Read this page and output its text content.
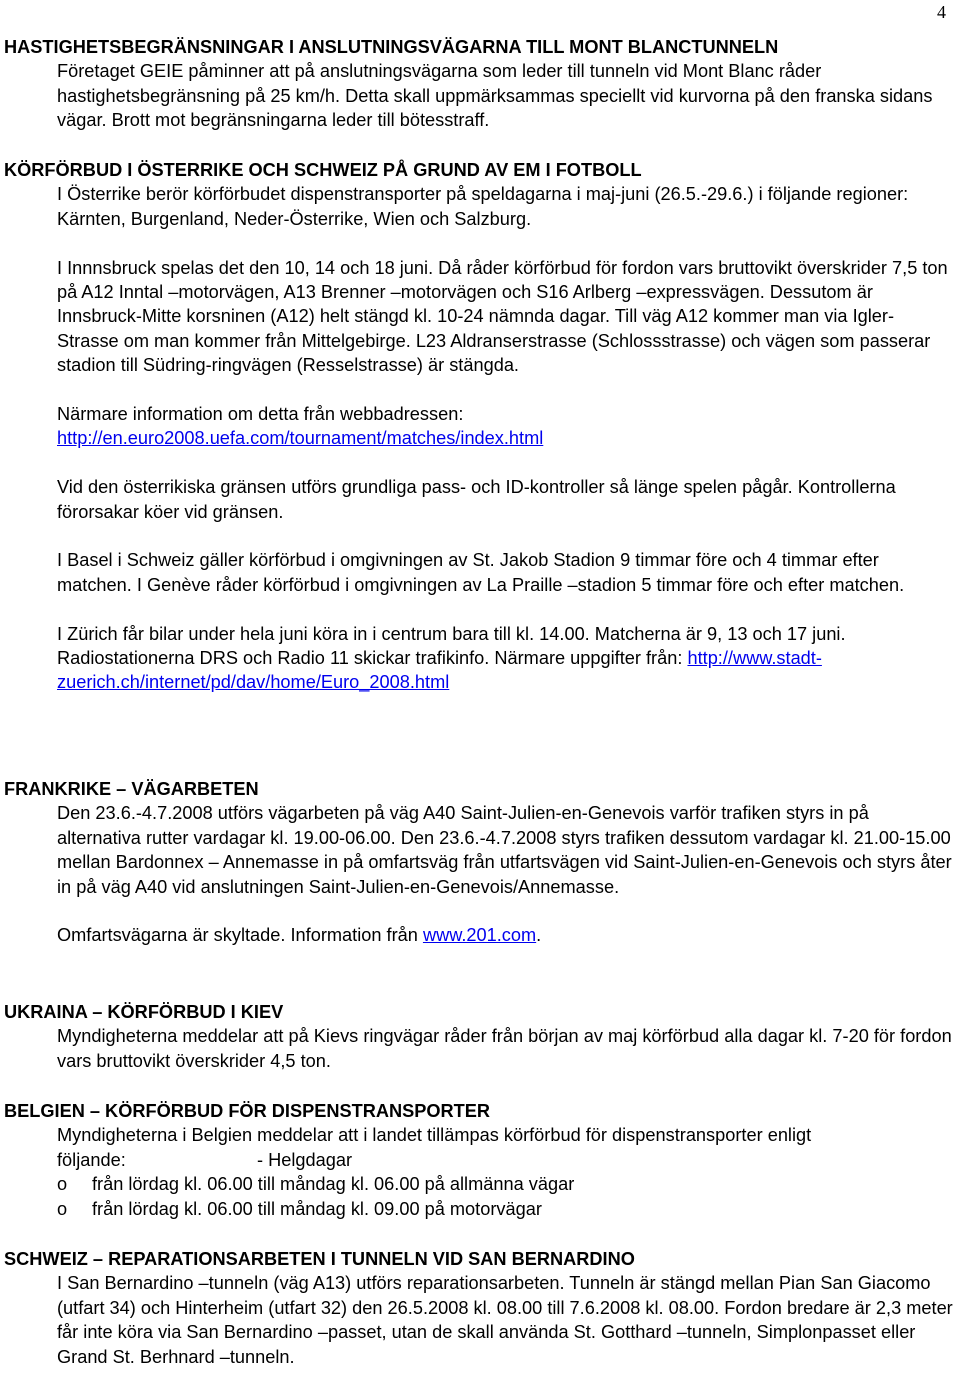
4
HASTIGHETSBEGRÄNSNINGAR I ANSLUTNINGSVÄGARNA TILL MONT BLANCTUNNELN

Företaget GEIE påminner att på anslutningsvägarna som leder till tunneln vid Mont Blanc råder hastighetsbegränsning på 25 km/h. Detta skall uppmärksammas speciellt vid kurvorna på den franska sidans vägar. Brott mot begränsningarna leder till bötesstraff.

KÖRFÖRBUD I ÖSTERRIKE OCH SCHWEIZ PÅ GRUND AV EM I FOTBOLL

I Österrike berör körförbudet dispenstransporter på speldagarna i maj-juni (26.5.-29.6.) i följande regioner: Kärnten, Burgenland, Neder-Österrike, Wien och Salzburg.

I Innnsbruck spelas det den 10, 14 och 18 juni. Då råder körförbud för fordon vars bruttovikt överskrider 7,5 ton på A12 Inntal –motorvägen, A13 Brenner –motorvägen och S16 Arlberg –expressvägen. Dessutom är Innsbruck-Mitte korsninen (A12) helt stängd kl. 10-24 nämnda dagar. Till väg A12 kommer man via Igler-Strasse om man kommer från Mittelgebirge. L23 Aldranserstrasse (Schlossstrasse) och vägen som passerar stadion till Südring-ringvägen (Resselstrasse) är stängda.

Närmare information om detta från webbadressen:
http://en.euro2008.uefa.com/tournament/matches/index.html

Vid den österrikiska gränsen utförs grundliga pass- och ID-kontroller så länge spelen pågår. Kontrollerna förorsakar köer vid gränsen.

I Basel i Schweiz gäller körförbud i omgivningen av St. Jakob Stadion 9 timmar före och 4 timmar efter matchen. I Genève råder körförbud i omgivningen av La Praille –stadion 5 timmar före och efter matchen.

I Zürich får bilar under hela juni köra in i centrum bara till kl. 14.00. Matcherna är 9, 13 och 17 juni. Radiostationerna DRS och Radio 11 skickar trafikinfo. Närmare uppgifter från: http://www.stadt-zuerich.ch/internet/pd/dav/home/Euro_2008.html

FRANKRIKE – VÄGARBETEN

Den 23.6.-4.7.2008 utförs vägarbeten på väg A40 Saint-Julien-en-Genevois varför trafiken styrs in på alternativa rutter vardagar kl. 19.00-06.00. Den 23.6.-4.7.2008 styrs trafiken dessutom vardagar kl. 21.00-15.00 mellan Bardonnex – Annemasse in på omfartsväg från utfartsvägen vid Saint-Julien-en-Genevois och styrs åter in på väg A40 vid anslutningen Saint-Julien-en-Genevois/Annemasse.

Omfartsvägarna är skyltade. Information från www.201.com.

UKRAINA – KÖRFÖRBUD I KIEV

Myndigheterna meddelar att på Kievs ringvägar råder från början av maj körförbud alla dagar kl. 7-20 för fordon vars bruttovikt överskrider 4,5 ton.

BELGIEN – KÖRFÖRBUD FÖR DISPENSTRANSPORTER

Myndigheterna i Belgien meddelar att i landet tillämpas körförbud för dispenstransporter enligt

följande:	- Helgdagar
o	från lördag kl. 06.00 till måndag kl. 06.00 på allmänna vägar
o	från lördag kl. 06.00 till måndag kl. 09.00 på motorvägar
SCHWEIZ – REPARATIONSARBETEN I TUNNELN VID SAN BERNARDINO

I San Bernardino –tunneln (väg A13) utförs reparationsarbeten. Tunneln är stängd mellan Pian San Giacomo (utfart 34) och Hinterheim (utfart 32) den 26.5.2008 kl. 08.00 till 7.6.2008 kl. 08.00. Fordon bredare är 2,3 meter får inte köra via San Bernardino –passet, utan de skall använda St. Gotthard –tunneln, Simplonpasset eller Grand St. Berhnard –tunneln.
